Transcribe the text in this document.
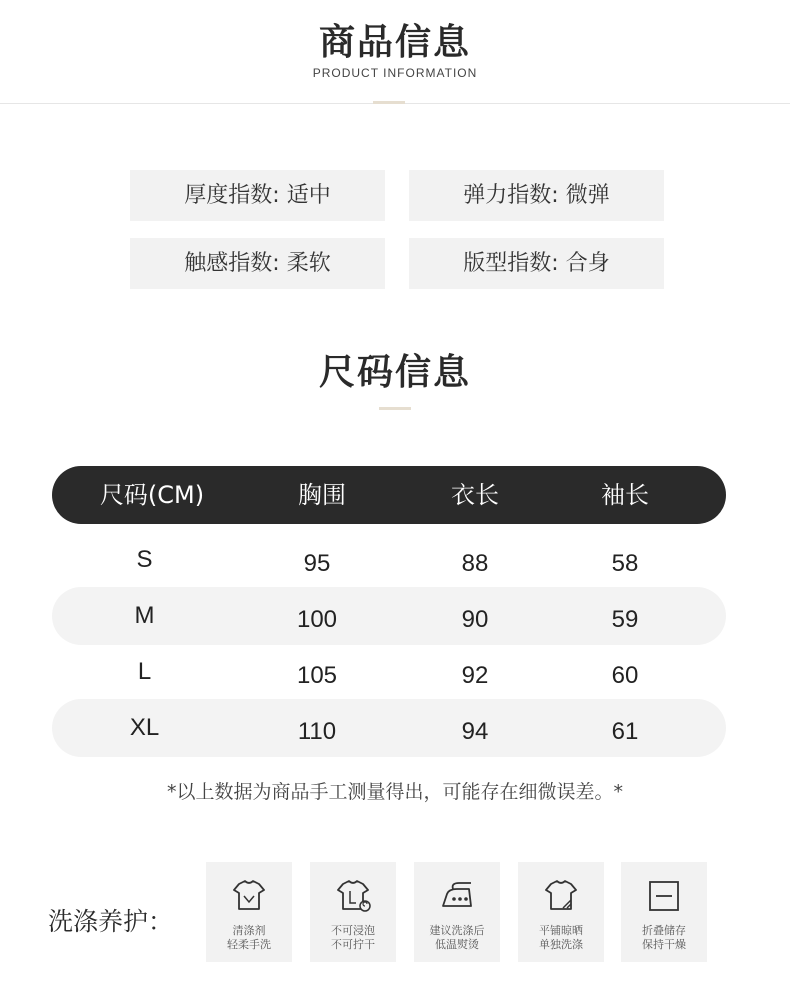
商品信息
PRODUCT INFORMATION
厚度指数: 适中	弹力指数: 微弹
触感指数: 柔软	版型指数: 合身
尺码信息
尺码(CM)	胸围	衣长	袖长
S	95	88	58
M	100	90	59
L	105	92	60
XL	110	94	61
*以上数据为商品手工测量得出，可能存在细微误差。*
洗涤养护：	清涤剂
轻柔手洗
不可浸泡
不可拧干
建议洗涤后
低温熨烫
平铺晾晒
单独洗涤
折叠储存
保持干燥
